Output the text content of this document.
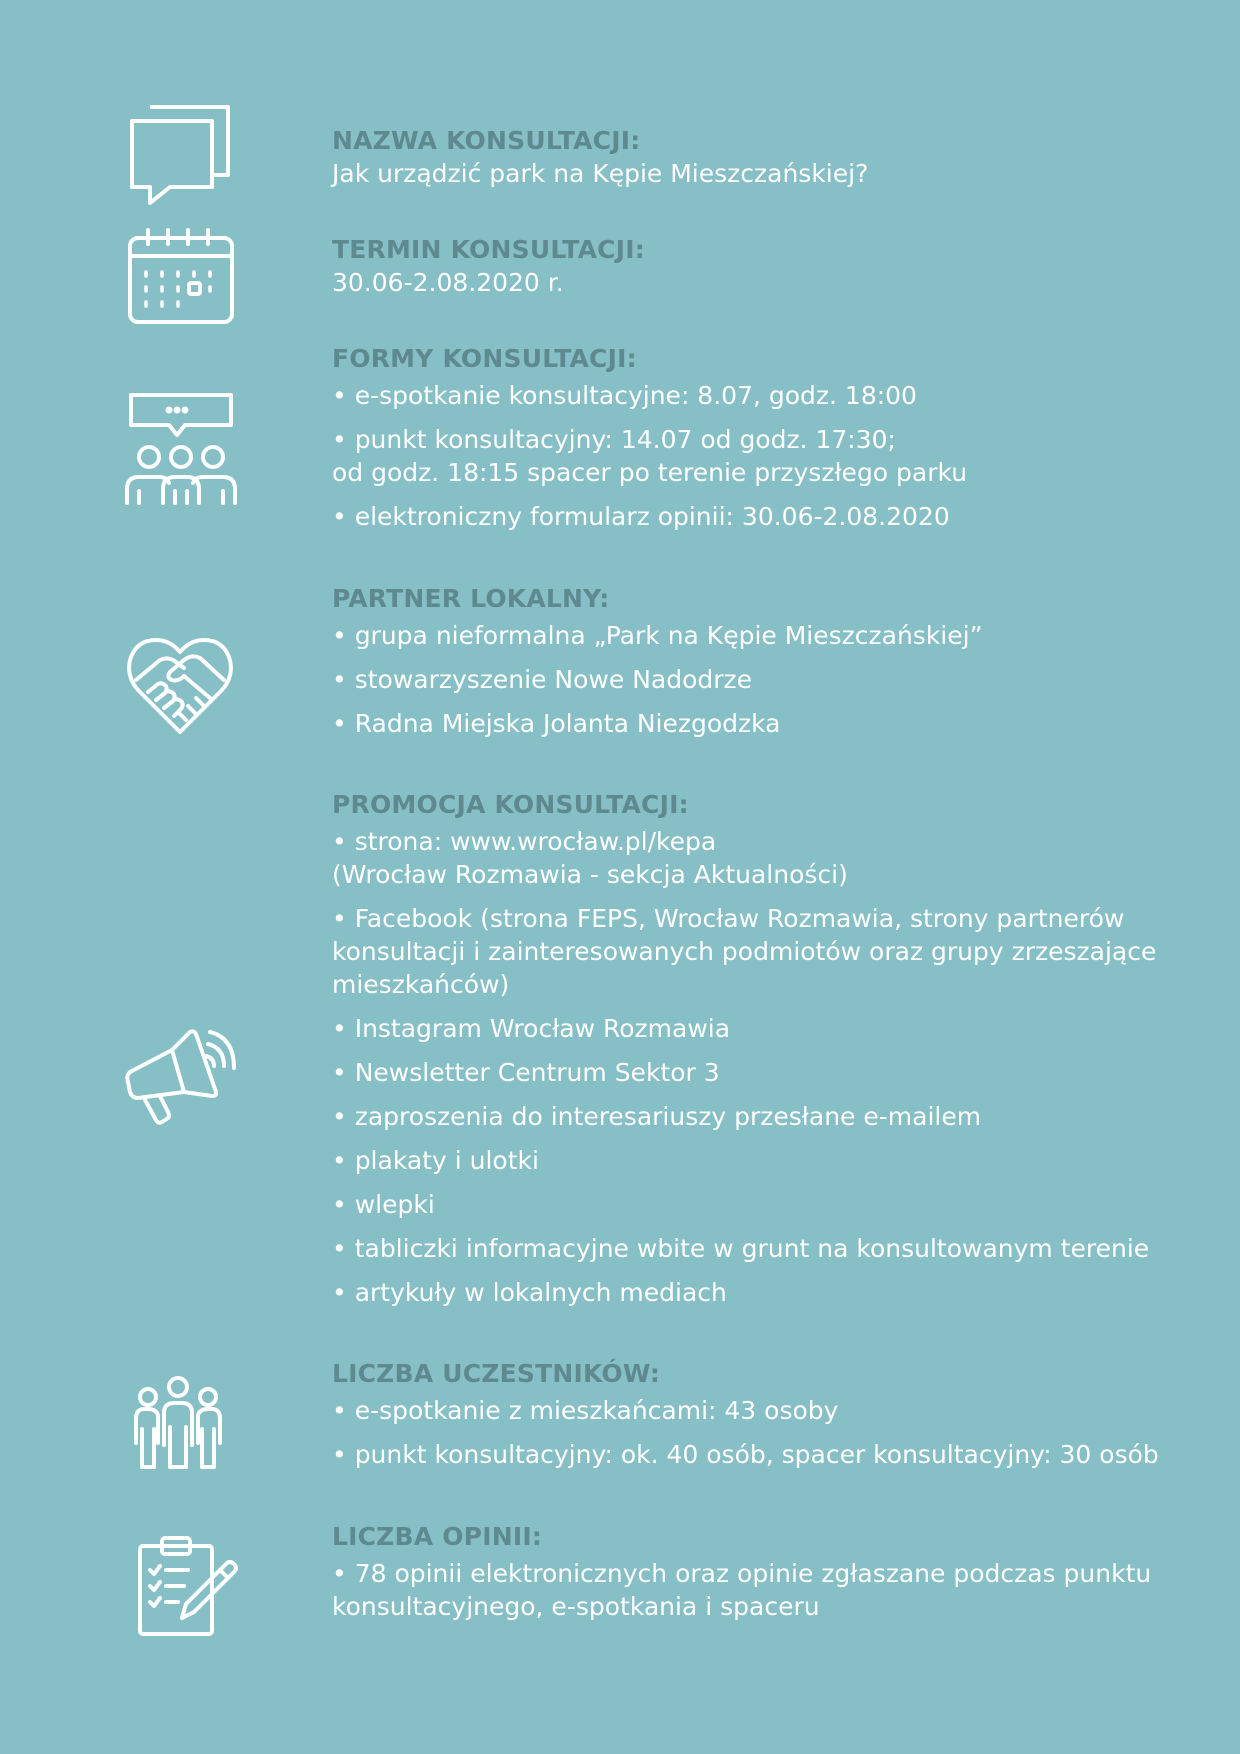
NAZWA KONSULTACJI:
Jak urządzić park na Kępie Mieszczańskiej?
TERMIN KONSULTACJI:
30.06-2.08.2020 r.
FORMY KONSULTACJI:
• e-spotkanie konsultacyjne: 8.07, godz. 18:00
• punkt konsultacyjny: 14.07 od godz. 17:30;
od godz. 18:15 spacer po terenie przyszłego parku
• elektroniczny formularz opinii: 30.06-2.08.2020
PARTNER LOKALNY:
• grupa nieformalna „Park na Kępie Mieszczańskiej”
• stowarzyszenie Nowe Nadodrze
• Radna Miejska Jolanta Niezgodzka
PROMOCJA KONSULTACJI:
• strona: www.wrocław.pl/kepa
(Wrocław Rozmawia - sekcja Aktualności)
• Facebook (strona FEPS, Wrocław Rozmawia, strony partnerów
konsultacji i zainteresowanych podmiotów oraz grupy zrzeszające
mieszkańców)
• Instagram Wrocław Rozmawia
• Newsletter Centrum Sektor 3
• zaproszenia do interesariuszy przesłane e-mailem
• plakaty i ulotki
• wlepki
• tabliczki informacyjne wbite w grunt na konsultowanym terenie
• artykuły w lokalnych mediach
LICZBA UCZESTNIKÓW:
• e-spotkanie z mieszkańcami: 43 osoby
• punkt konsultacyjny: ok. 40 osób, spacer konsultacyjny: 30 osób
LICZBA OPINII:
• 78 opinii elektronicznych oraz opinie zgłaszane podczas punktu
konsultacyjnego, e-spotkania i spaceru
